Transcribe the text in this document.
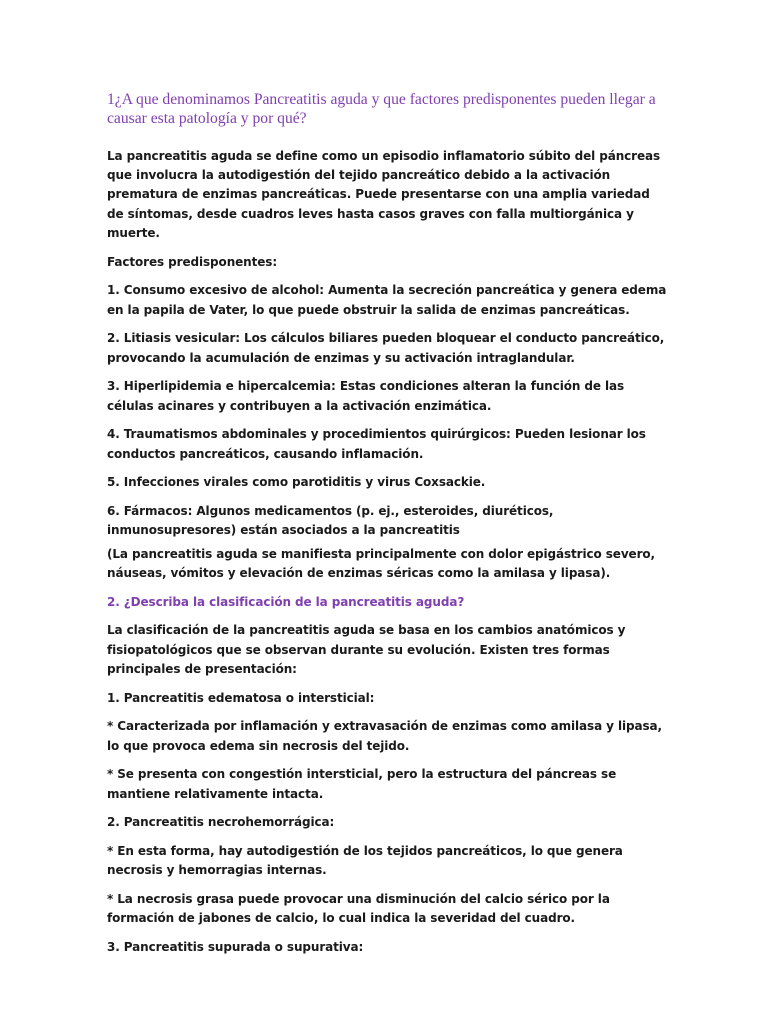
1¿A que denominamos Pancreatitis aguda y que factores predisponentes pueden llegar a causar esta patología y por qué?

La pancreatitis aguda se define como un episodio inflamatorio súbito del páncreas que involucra la autodigestión del tejido pancreático debido a la activación prematura de enzimas pancreáticas. Puede presentarse con una amplia variedad de síntomas, desde cuadros leves hasta casos graves con falla multiorgánica y muerte.

Factores predisponentes:

1. Consumo excesivo de alcohol: Aumenta la secreción pancreática y genera edema en la papila de Vater, lo que puede obstruir la salida de enzimas pancreáticas.

2. Litiasis vesicular: Los cálculos biliares pueden bloquear el conducto pancreático, provocando la acumulación de enzimas y su activación intraglandular.

3. Hiperlipidemia e hipercalcemia: Estas condiciones alteran la función de las células acinares y contribuyen a la activación enzimática.

4. Traumatismos abdominales y procedimientos quirúrgicos: Pueden lesionar los conductos pancreáticos, causando inflamación.

5. Infecciones virales como parotiditis y virus Coxsackie.

6. Fármacos: Algunos medicamentos (p. ej., esteroides, diuréticos, inmunosupresores) están asociados a la pancreatitis

(La pancreatitis aguda se manifiesta principalmente con dolor epigástrico severo, náuseas, vómitos y elevación de enzimas séricas como la amilasa y lipasa).

2. ¿Describa la clasificación de la pancreatitis aguda?

La clasificación de la pancreatitis aguda se basa en los cambios anatómicos y fisiopatológicos que se observan durante su evolución. Existen tres formas principales de presentación:

1. Pancreatitis edematosa o intersticial:

* Caracterizada por inflamación y extravasación de enzimas como amilasa y lipasa, lo que provoca edema sin necrosis del tejido.

* Se presenta con congestión intersticial, pero la estructura del páncreas se mantiene relativamente intacta.

2. Pancreatitis necrohemorrágica:

* En esta forma, hay autodigestión de los tejidos pancreáticos, lo que genera necrosis y hemorragias internas.

* La necrosis grasa puede provocar una disminución del calcio sérico por la formación de jabones de calcio, lo cual indica la severidad del cuadro.

3. Pancreatitis supurada o supurativa:
